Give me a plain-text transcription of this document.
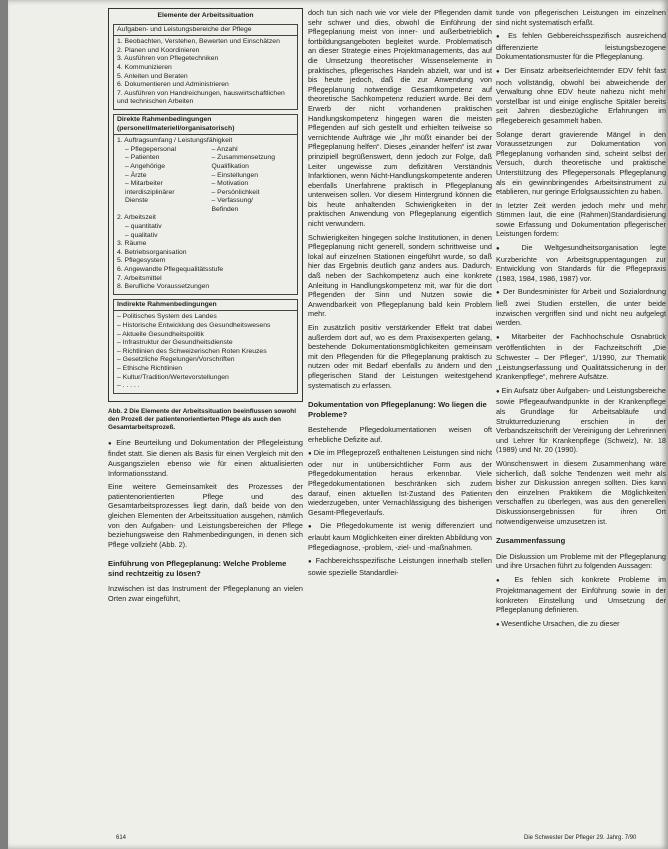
Elemente der Arbeitssituation
Aufgaben- und Leistungsbereiche der Pflege
1. Beobachten, Verstehen, Bewerten und Einschätzen
2. Planen und Koordinieren
3. Ausführen von Pflegetechniken
4. Kommunizieren
5. Anleiten und Beraten
6. Dokumentieren und Administrieren
7. Ausführen von Handreichungen, hauswirtschaftlichen und technischen Arbeiten
Direkte Rahmenbedingungen (personell/materiell/organisatorisch)
1. Auftragsumfang / Leistungsfähigkeit
– Pflegepersonal
– Patienten
– Angehörige
– Ärzte
– Mitarbeiter
interdisziplinärer
Dienste
– Anzahl
– Zusammensetzung
Qualifikation
– Einstellungen
– Motivation
– Persönlichkeit
– Verfassung/
Befinden
2. Arbeitszeit
– quantitativ
– qualitativ
3. Räume
4. Betriebsorganisation
5. Pflegesystem
6. Angewandte Pflegequalitätsstufe
7. Arbeitsmittel
8. Berufliche Voraussetzungen
Indirekte Rahmenbedingungen
– Politisches System des Landes
– Historische Entwicklung des Gesundheitswesens
– Aktuelle Gesundheitspolitik
– Infrastruktur der Gesundheitsdienste
– Richtlinien des Schweizerischen Roten Kreuzes
– Gesetzliche Regelungen/Vorschriften
– Ethische Richtlinien
– Kultur/Tradition/Wertevorstellungen
– . . . . .
Abb. 2 Die Elemente der Arbeitssituation beeinflussen sowohl den Prozeß der patientenorientierten Pflege als auch den Gesamtarbeitsprozeß.

● Eine Beurteilung und Dokumentation der Pflegeleistung findet statt. Sie dienen als Basis für einen Vergleich mit den Ausgangszielen ebenso wie für einen aktualisierten Informationsstand.

Eine weitere Gemeinsamkeit des Prozesses der patientenorientierten Pflege und des Gesamtarbeitsprozesses liegt darin, daß beide von den gleichen Elementen der Arbeitssituation ausgehen, nämlich von den Aufgaben- und Leistungsbereichen der Pflege beziehungsweise den Rahmenbedingungen, in denen sich Pflege vollzieht (Abb. 2).

Einführung von Pflegeplanung: Welche Probleme sind rechtzeitig zu lösen?

Inzwischen ist das Instrument der Pflegeplanung an vielen Orten zwar eingeführt,

doch tun sich nach wie vor viele der Pflegenden damit sehr schwer und dies, obwohl die Einführung der Pflegeplanung meist von inner- und außerbetrieblich fortbildungsangeboten begleitet wurde. Problematisch an dieser Strategie eines Projektmanagements, das auf die Umsetzung theoretischer Wissenselemente in praktisches, pflegerisches Handeln abzielt, war und ist bis heute jedoch, daß die zur Anwendung von Pflegeplanung notwendige Gesamtkompetenz auf theoretische Sachkompetenz reduziert wurde. Bei dem Erwerb der nicht vorhandenen praktischen Handlungskompetenz hingegen waren die meisten Pflegenden auf sich gestellt und erhielten teilweise so vernichtende Aufträge wie „Ihr müßt einander bei der Pflegeplanung helfen“. Dieses „einander helfen“ ist zwar prinzipiell begrüßenswert, denn jedoch zur Folge, daß Leiter ungewisse zum defizitären Verständnis Infarktionen, wenn Nicht-Handlungskompetente anderen ebenfalls Unerfahrene praktisch in Pflegeplanung unterweisen sollen. Vor diesem Hintergrund können die bis heute anhaltenden Schwierigkeiten in der praktischen Anwendung von Pflegeplanung eigentlich nicht verwundern.

Schwierigkeiten hingegen solche Institutionen, in denen Pflegeplanung nicht generell, sondern schrittweise und lokal auf einzelnen Stationen eingeführt wurde, so daß hier das Ergebnis deutlich ganz anders aus. Dadurch, daß neben der Sachkompetenz auch eine konkrete Anleitung in Handlungskompetenz mit, war für die dort Pflegenden der Sinn und Nutzen sowie die Anwendbarkeit von Pflegeplanung bald kein Problem mehr.

Ein zusätzlich positiv verstärkender Effekt trat dabei außerdem dort auf, wo es dem Praxisexperten gelang, bestehende Dokumentationsmöglichkeiten gemeinsam mit den Pflegenden für die Pflegeplanung praktisch zu nutzen oder mit Bedarf ebenfalls zu ändern und den pflegerischen Stand der Leistungen weitestgehend systematisch zu erfassen.

Dokumentation von Pflegeplanung: Wo liegen die Probleme?

Bestehende Pflegedokumentationen weisen oft erhebliche Defizite auf.

● Die im Pflegeprozeß enthaltenen Leistungen sind nicht oder nur in unübersichtlicher Form aus der Pflegedokumentation heraus erkennbar. Viele Pflegedokumentationen beschränken sich zudem darauf, einen aktuellen Ist-Zustand des Patienten wiederzugeben, unter Vernachlässigung des bisherigen Gesamt-Pflegeverlaufs.

● Die Pflegedokumente ist wenig differenziert und erlaubt kaum Möglichkeiten einer direkten Abbildung von Pflegediagnose, -problem, -ziel- und -maßnahmen.

● Fachbereichsspezifische Leistungen innerhalb stellen sowie spezielle Standardlei-

tunde von pflegerischen Leistungen im einzelnen sind nicht systematisch erfaßt.

● Es fehlen Gebbereichsspezifisch ausreichend differenzierte leistungsbezogene Dokumentationsmuster für die Pflegeplanung.

● Der Einsatz arbeitserleichternder EDV fehlt fast noch vollständig, obwohl bei abweichende der Verwaltung ohne EDV heute nahezu nicht mehr vorstellbar ist und einige englische Spitäler bereits seit Jahren diesbezügliche Erfahrungen im Pflegebereich gesammelt haben.

Solange derart gravierende Mängel in den Voraussetzungen zur Dokumentation von Pflegeplanung vorhanden sind, scheint selbst der Versuch, durch theoretische und praktische Unterstützung des Pflegepersonals Pflegeplanung als ein gewinnbringendes Arbeitsinstrument zu etablieren, nur geringe Erfolgsaussichten zu haben.

In letzter Zeit werden jedoch mehr und mehr Stimmen laut, die eine (Rahmen)Standardisierung sowie Erfassung und Dokumentation pflegerischer Leistungen fordern:

● Die Weltgesundheitsorganisation legte Kurzberichte von Arbeitsgruppentagungen zur Entwicklung von Standards für die Pflegepraxis (1983, 1984, 1986, 1987) vor.

● Der Bundesminister für Arbeit und Sozialordnung ließ zwei Studien erstellen, die unter beide inzwischen vergriffen sind und nicht neu aufgelegt werden.

● Mitarbeiter der Fachhochschule Osnabrück veröffentlichten in der Fachzeitschrift „Die Schwester – Der Pfleger“, 1/1990, zur Thematik „Leistungserfassung und Qualitätssicherung in der Krankenpflege“, mehrere Aufsätze.

● Ein Aufsatz über Aufgaben- und Leistungsbereiche sowie Pflegeaufwandpunkte in der Krankenpflege als Grundlage für Arbeitsabläufe und Strukturreduzierung erschien in der Verbandszeitschrift der Vereinigung der Lehrerinnen und Lehrer für Krankenpflege (Schweiz), Nr. 18 (1989) und Nr. 20 (1990).

Wünschenswert in diesem Zusammenhang wäre sicherlich, daß solche Tendenzen weit mehr als bisher zur Diskussion anregen sollten. Dies kann den einzelnen Praktikern die Möglichkeiten verschaffen zu überlegen, was aus den generellen Diskussionsergebnissen für ihren Ort notwendigerweise umzusetzen ist.

Zusammenfassung

Die Diskussion um Probleme mit der Pflegeplanung und ihre Ursachen führt zu folgenden Aussagen:

● Es fehlen sich konkrete Probleme im Projektmanagement der Einführung sowie in der konkreten Einstellung und Umsetzung der Pflegeplanung definieren.

● Wesentliche Ursachen, die zu dieser

614	Die Schwester Der Pfleger 29. Jahrg. 7/90
